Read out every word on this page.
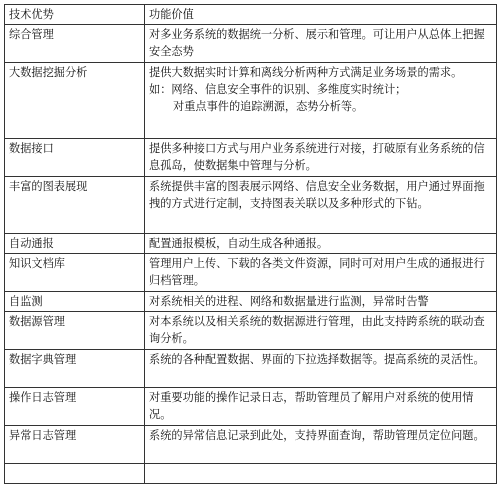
技术优势	功能价值
综合管理	对多业务系统的数据统一分析、展示和管理。可让用户从总体上把握安全态势

大数据挖掘分析	提供大数据实时计算和离线分析两种方式满足业务场景的需求。
如：网络、信息安全事件的识别、多维度实时统计；
对重点事件的追踪溯源，态势分析等。

数据接口	提供多种接口方式与用户业务系统进行对接，打破原有业务系统的信息孤岛，使数据集中管理与分析。

丰富的图表展现	系统提供丰富的图表展示网络、信息安全业务数据，用户通过界面拖拽的方式进行定制，支持图表关联以及多种形式的下钻。

自动通报	配置通报模板，自动生成各种通报。

知识文档库	管理用户上传、下载的各类文件资源，同时可对用户生成的通报进行归档管理。

自监测	对系统相关的进程、网络和数据量进行监测，异常时告警

数据源管理	对本系统以及相关系统的数据源进行管理，由此支持跨系统的联动查询分析。

数据字典管理	系统的各种配置数据、界面的下拉选择数据等。提高系统的灵活性。

操作日志管理	对重要功能的操作记录日志，帮助管理员了解用户对系统的使用情况。

异常日志管理	系统的异常信息记录到此处，支持界面查询，帮助管理员定位问题。
